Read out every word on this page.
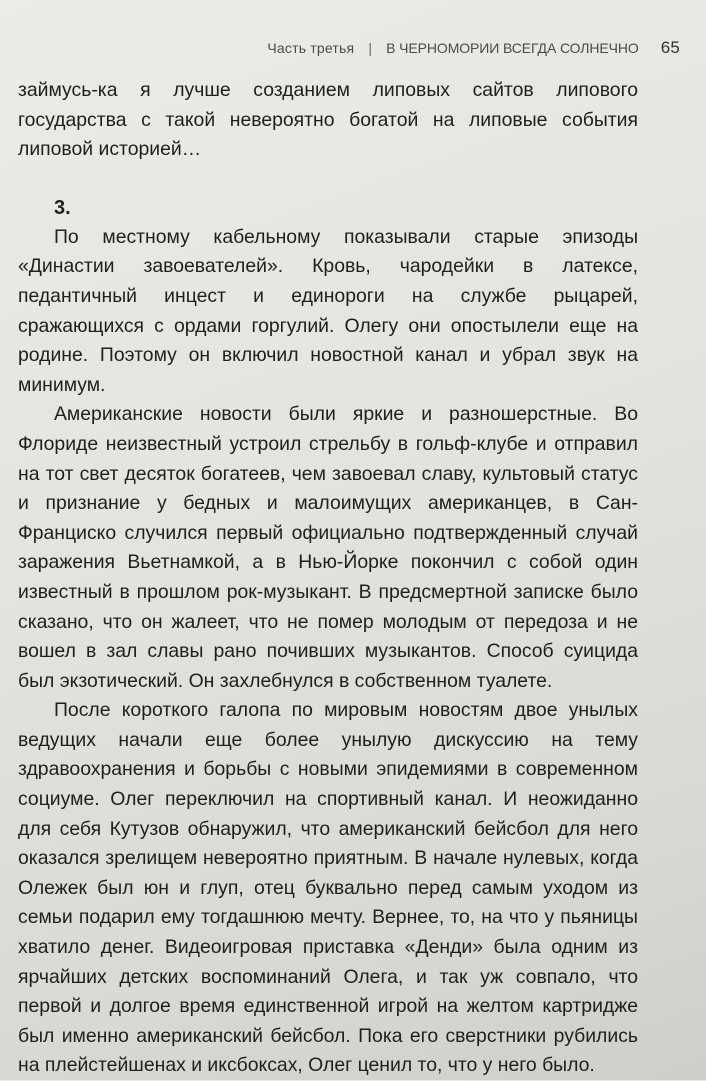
Часть третья | В ЧЕРНОМОРИИ ВСЕГДА СОЛНЕЧНО 65

займусь-ка я лучше созданием липовых сайтов липового государства с такой невероятно богатой на липовые события липовой историей…

3.

По местному кабельному показывали старые эпизоды «Династии завоевателей». Кровь, чародейки в латексе, педантичный инцест и единороги на службе рыцарей, сражающихся с ордами горгулий. Олегу они опостылели еще на родине. Поэтому он включил новостной канал и убрал звук на минимум.

Американские новости были яркие и разношерстные. Во Флориде неизвестный устроил стрельбу в гольф-клубе и отправил на тот свет десяток богатеев, чем завоевал славу, культовый статус и признание у бедных и малоимущих американцев, в Сан-Франциско случился первый официально подтвержденный случай заражения Вьетнамкой, а в Нью-Йорке покончил с собой один известный в прошлом рок-музыкант. В предсмертной записке было сказано, что он жалеет, что не помер молодым от передоза и не вошел в зал славы рано почивших музыкантов. Способ суицида был экзотический. Он захлебнулся в собственном туалете.

После короткого галопа по мировым новостям двое унылых ведущих начали еще более унылую дискуссию на тему здравоохранения и борьбы с новыми эпидемиями в современном социуме. Олег переключил на спортивный канал. И неожиданно для себя Кутузов обнаружил, что американский бейсбол для него оказался зрелищем невероятно приятным. В начале нулевых, когда Олежек был юн и глуп, отец буквально перед самым уходом из семьи подарил ему тогдашнюю мечту. Вернее, то, на что у пьяницы хватило денег. Видеоигровая приставка «Денди» была одним из ярчайших детских воспоминаний Олега, и так уж совпало, что первой и долгое время единственной игрой на желтом картридже был именно американский бейсбол. Пока его сверстники рубились на плейстейшенах и иксбоксах, Олег ценил то, что у него было.
